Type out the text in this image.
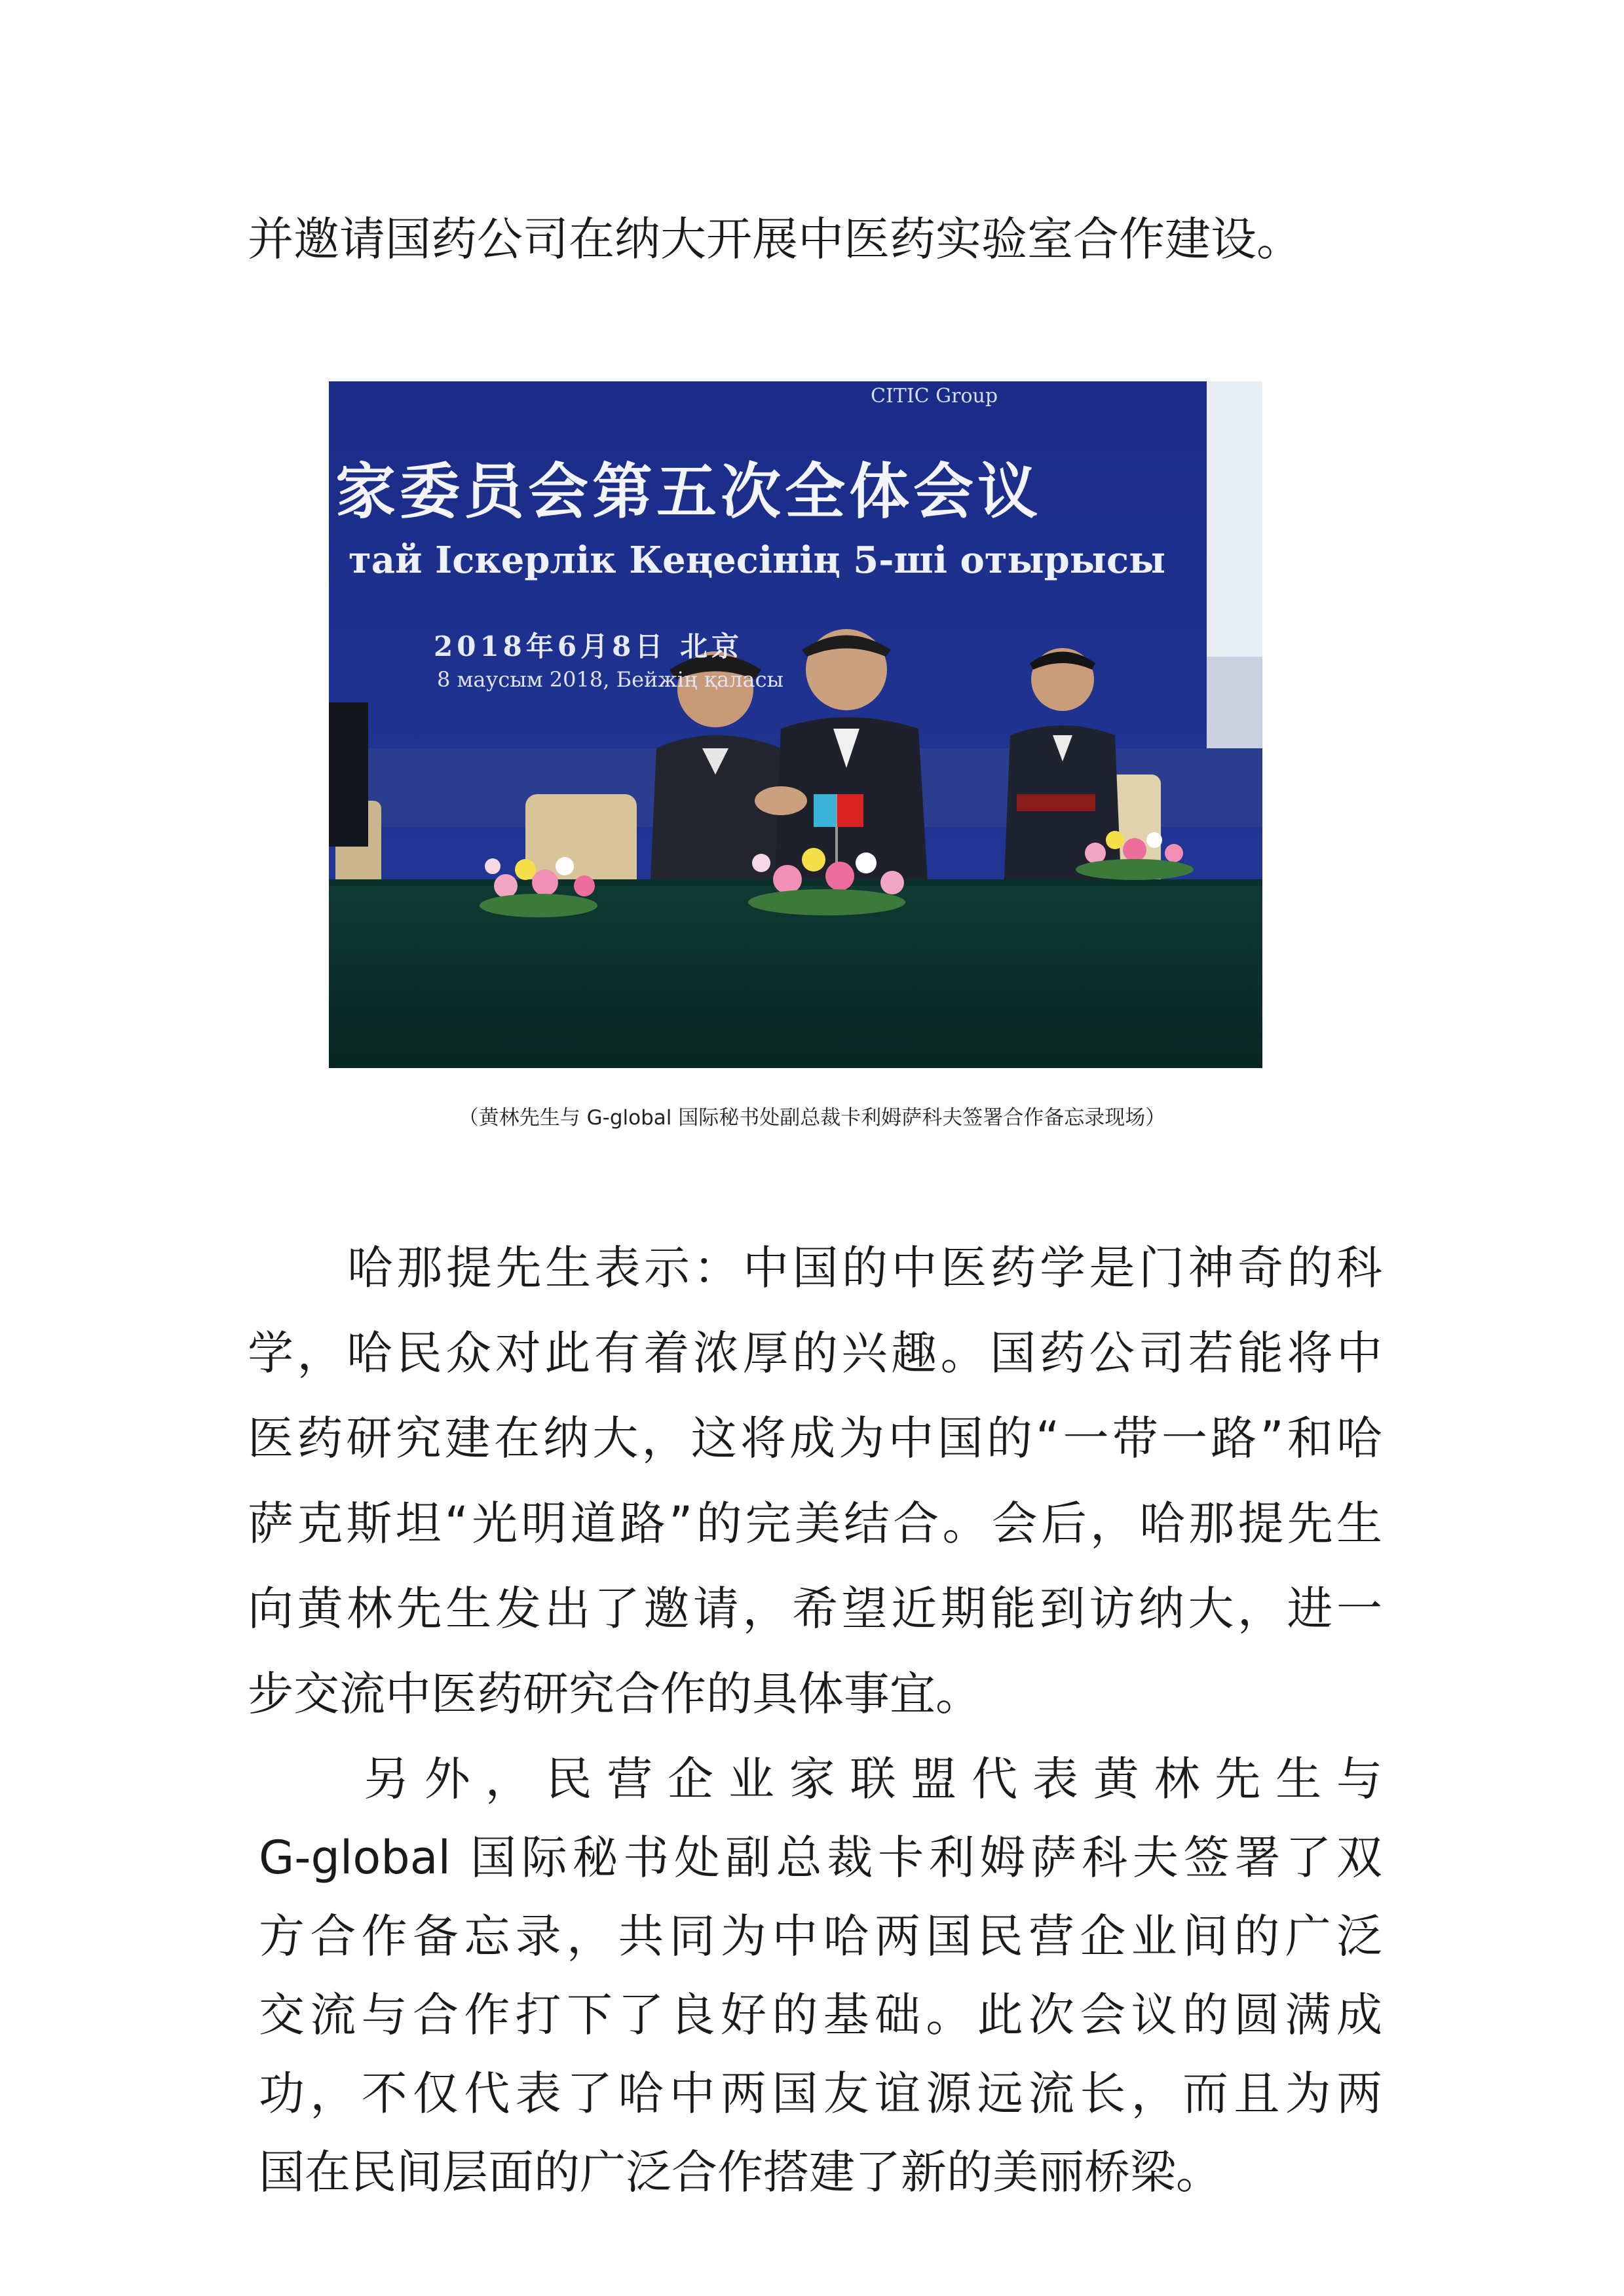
并邀请国药公司在纳大开展中医药实验室合作建设。
CITIC Group
家委员会第五次全体会议
тай Іскерлік Кеңесінің 5-ші отырысы
2018年6月8日 北京
8 маусым 2018, Бейжің қаласы
（黄林先生与 G-global 国际秘书处副总裁卡利姆萨科夫签署合作备忘录现场）
哈那提先生表示：中国的中医药学是门神奇的科
学，哈民众对此有着浓厚的兴趣。国药公司若能将中
医药研究建在纳大，这将成为中国的“一带一路”和哈
萨克斯坦“光明道路”的完美结合。会后，哈那提先生
向黄林先生发出了邀请，希望近期能到访纳大，进一
步交流中医药研究合作的具体事宜。
另外，民营企业家联盟代表黄林先生与
G-global 国际秘书处副总裁卡利姆萨科夫签署了双
方合作备忘录，共同为中哈两国民营企业间的广泛
交流与合作打下了良好的基础。此次会议的圆满成
功，不仅代表了哈中两国友谊源远流长，而且为两
国在民间层面的广泛合作搭建了新的美丽桥梁。
